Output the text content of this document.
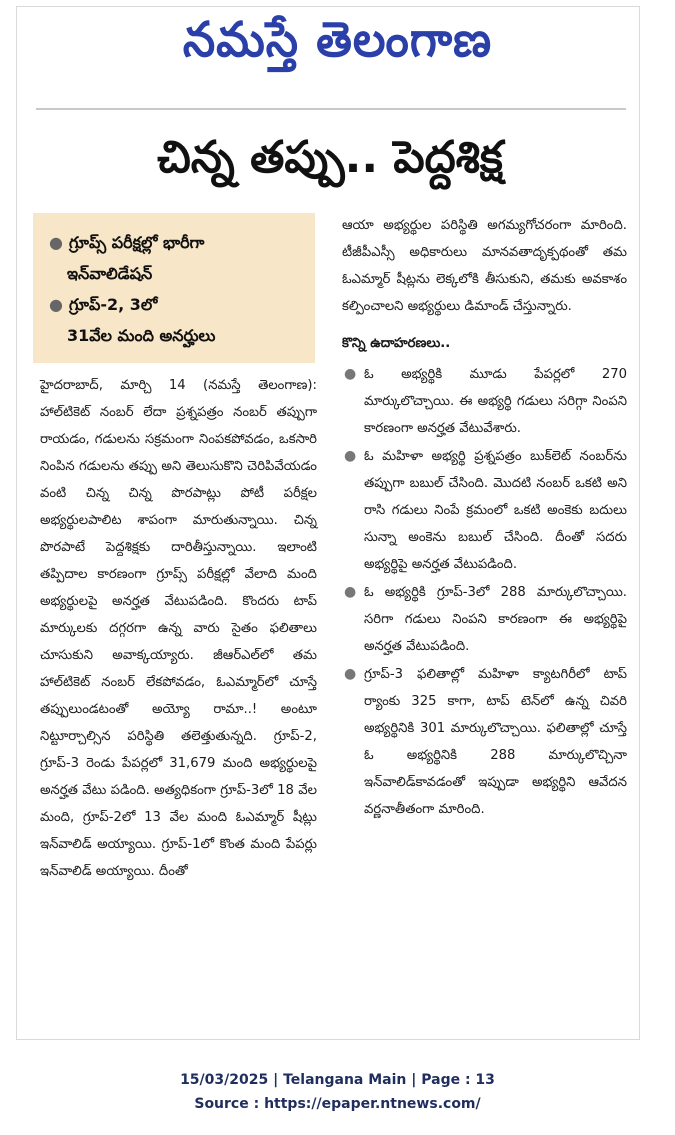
నమస్తే తెలంగాణ
చిన్న తప్పు.. పెద్దశిక్ష
● గ్రూప్స్ పరీక్షల్లో భారీగా
ఇన్‌వాలిడేషన్
● గ్రూప్-2, 3లో
31వేల మంది అనర్హులు

హైదరాబాద్, మార్చి 14 (నమస్తే తెలంగాణ): హాల్‌టికెట్ నంబర్ లేదా ప్రశ్నపత్రం నంబర్ తప్పుగా రాయడం, గడులను సక్రమంగా నింపకపోవడం, ఒకసారి నింపిన గడులను తప్పు అని తెలుసుకొని చెరిపివేయడం వంటి చిన్న చిన్న పొరపాట్లు పోటీ పరీక్షల అభ్యర్థులపాలిట శాపంగా మారుతున్నాయి. చిన్న పొరపాటే పెద్దశిక్షకు దారితీస్తున్నాయి. ఇలాంటి తప్పిదాల కారణంగా గ్రూప్స్ పరీక్షల్లో వేలాది మంది అభ్యర్థులపై అనర్హత వేటుపడింది. కొందరు టాప్ మార్కులకు దగ్గరగా ఉన్న వారు సైతం ఫలితాలు చూసుకుని అవాక్కయ్యారు. జీఆర్‌ఎల్‌లో తమ హాల్‌టికెట్ నంబర్ లేకపోవడం, ఓఎమ్మార్‌లో చూస్తే తప్పులుండటంతో అయ్యో రామా..! అంటూ నిట్టూర్చాల్సిన పరిస్థితి తలెత్తుతున్నది. గ్రూప్-2, గ్రూప్-3 రెండు పేపర్లలో 31,679 మంది అభ్యర్థులపై అనర్హత వేటు పడింది. అత్యధికంగా గ్రూప్-3లో 18 వేల మంది, గ్రూప్-2లో 13 వేల మంది ఓఎమ్మార్ షీట్లు ఇన్‌వాలిడ్ అయ్యాయి. గ్రూప్-1లో కొంత మంది పేపర్లు ఇన్‌వాలిడ్ అయ్యాయి. దీంతో

ఆయా అభ్యర్థుల పరిస్థితి అగమ్యగోచరంగా మారింది. టీజీపీఎస్సీ అధికారులు మానవతాదృక్పథంతో తమ ఓఎమ్మార్ షీట్లను లెక్కలోకి తీసుకుని, తమకు అవకాశం కల్పించాలని అభ్యర్థులు డిమాండ్ చేస్తున్నారు.

కొన్ని ఉదాహరణలు..
● ఓ అభ్యర్థికి మూడు పేపర్లలో 270 మార్కులొచ్చాయి. ఈ అభ్యర్థి గడులు సరిగ్గా నింపని కారణంగా అనర్హత వేటువేశారు.
● ఓ మహిళా అభ్యర్థి ప్రశ్నపత్రం బుక్‌లెట్ నంబర్‌ను తప్పుగా బబుల్ చేసింది. మొదటి నంబర్ ఒకటి అని రాసి గడులు నింపే క్రమంలో ఒకటి అంకెకు బదులు సున్నా అంకెను బబుల్ చేసింది. దీంతో సదరు అభ్యర్థిపై అనర్హత వేటుపడింది.
● ఓ అభ్యర్థికి గ్రూప్-3లో 288 మార్కులొచ్చాయి. సరిగా గడులు నింపని కారణంగా ఈ అభ్యర్థిపై అనర్హత వేటుపడింది.
● గ్రూప్-3 ఫలితాల్లో మహిళా క్యాటగిరీలో టాప్ ర్యాంకు 325 కాగా, టాప్ టెన్‌లో ఉన్న చివరి అభ్యర్థినికి 301 మార్కులొచ్చాయి. ఫలితాల్లో చూస్తే ఓ అభ్యర్థినికి 288 మార్కులొచ్చినా ఇన్‌వాలిడ్‌కావడంతో ఇప్పుడా అభ్యర్థిని ఆవేదన వర్ణనాతీతంగా మారింది.
15/03/2025 | Telangana Main | Page : 13
Source : https://epaper.ntnews.com/
